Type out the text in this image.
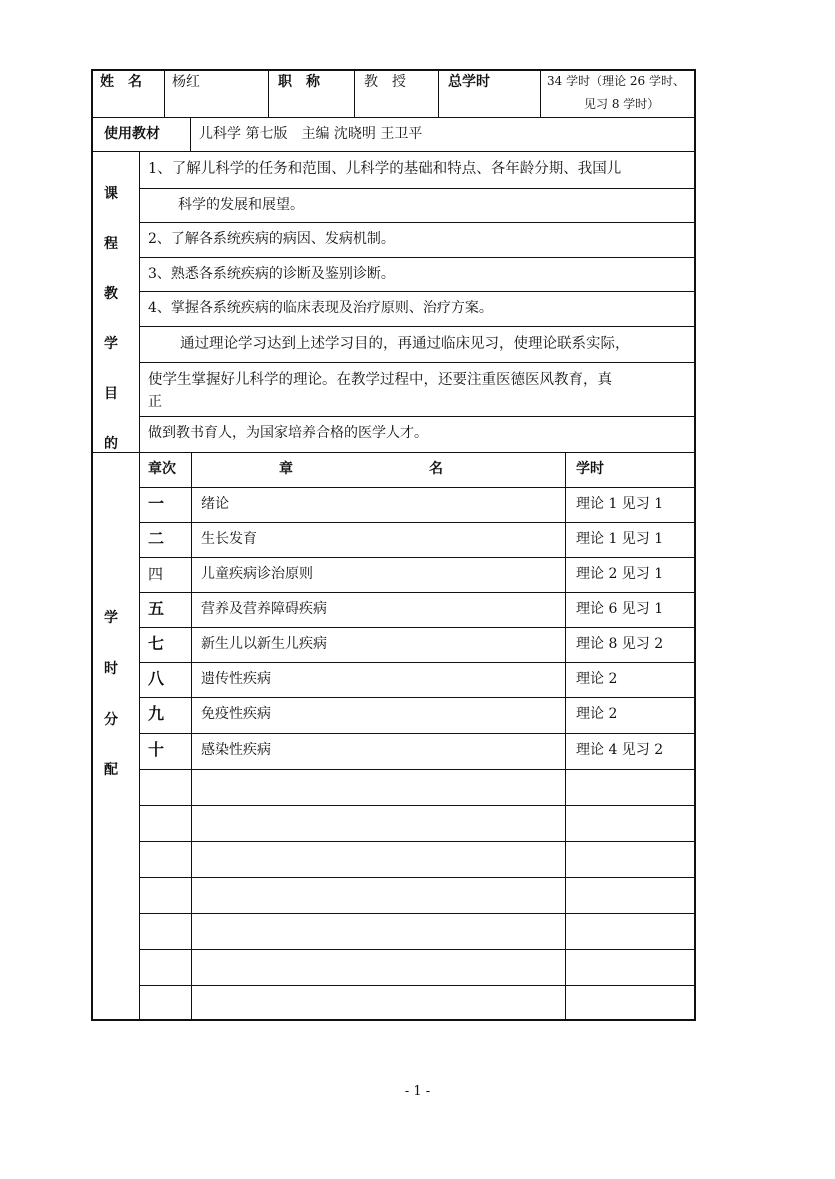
姓　名 杨红	职　称	教　授	总学时	34 学时（理论 26 学时、
见习 8 学时）
使用教材	儿科学 第七版　主编 沈晓明 王卫平
课
程
教
学
目
的
1、了解儿科学的任务和范围、儿科学的基础和特点、各年龄分期、我国儿
科学的发展和展望。
2、了解各系统疾病的病因、发病机制。
3、熟悉各系统疾病的诊断及鉴别诊断。
4、掌握各系统疾病的临床表现及治疗原则、治疗方案。
通过理论学习达到上述学习目的，再通过临床见习，使理论联系实际，
使学生掌握好儿科学的理论。在教学过程中，还要注重医德医风教育，真
正
做到教书育人，为国家培养合格的医学人才。
学
时
分
配
章次	章	名	学时
一	绪论	理论 1 见习 1
二	生长发育	理论 1 见习 1
四	儿童疾病诊治原则	理论 2 见习 1
五	营养及营养障碍疾病	理论 6 见习 1
七	新生儿以新生儿疾病	理论 8 见习 2
八	遗传性疾病	理论 2
九	免疫性疾病	理论 2
十	感染性疾病	理论 4 见习 2
- 1 -
